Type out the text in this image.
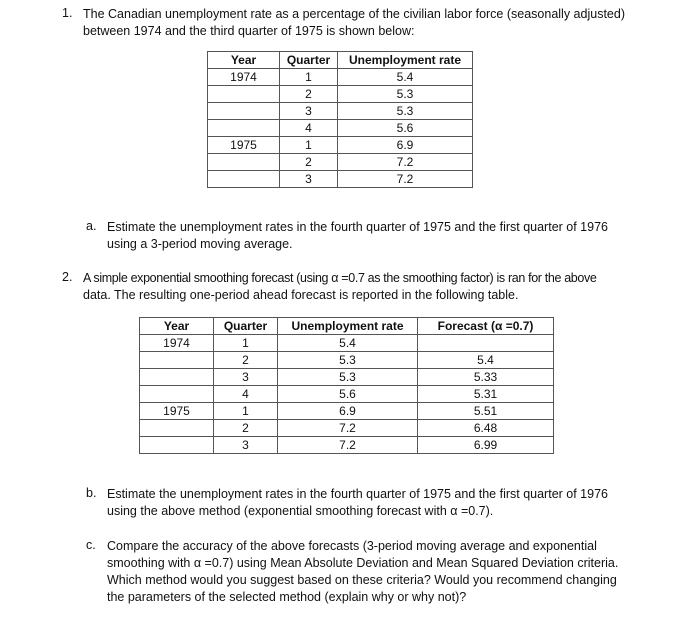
1. The Canadian unemployment rate as a percentage of the civilian labor force (seasonally adjusted)

between 1974 and the third quarter of 1975 is shown below:

Year	Quarter	Unemployment rate
1974	1	5.4
	2	5.3
	3	5.3
	4	5.6
1975	1	6.9
	2	7.2
	3	7.2
a. Estimate the unemployment rates in the fourth quarter of 1975 and the first quarter of 1976
using a 3-period moving average.
2. A simple exponential smoothing forecast (using α =0.7 as the smoothing factor) is ran for the above

data. The resulting one-period ahead forecast is reported in the following table.

Year	Quarter	Unemployment rate	Forecast (α =0.7)
1974	1	5.4	
	2	5.3	5.4
	3	5.3	5.33
	4	5.6	5.31
1975	1	6.9	5.51
	2	7.2	6.48
	3	7.2	6.99
b. Estimate the unemployment rates in the fourth quarter of 1975 and the first quarter of 1976
using the above method (exponential smoothing forecast with α =0.7).
c. Compare the accuracy of the above forecasts (3-period moving average and exponential
smoothing with α =0.7) using Mean Absolute Deviation and Mean Squared Deviation criteria.
Which method would you suggest based on these criteria? Would you recommend changing
the parameters of the selected method (explain why or why not)?
